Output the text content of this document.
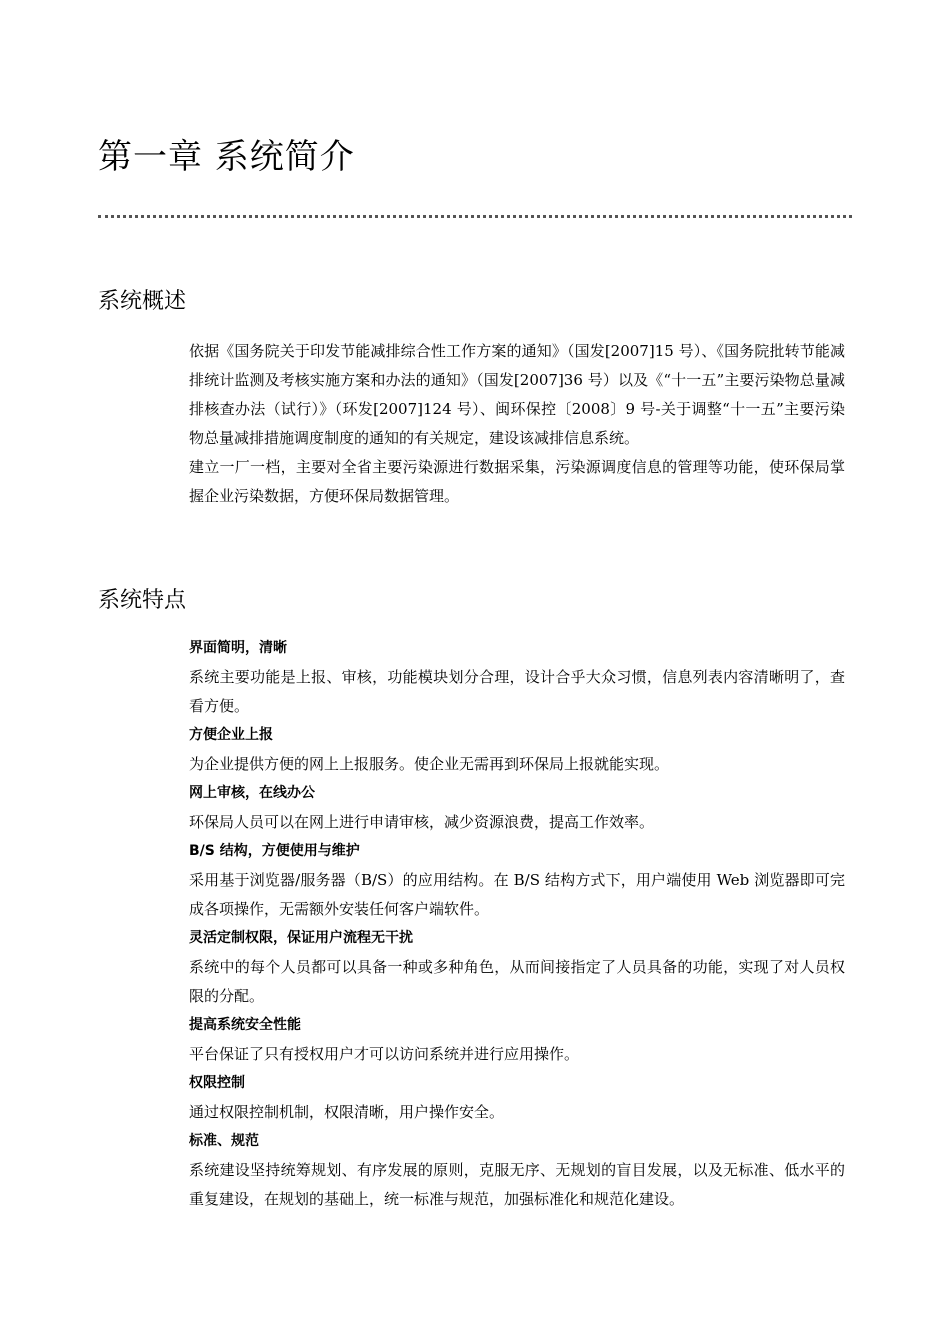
第一章 系统简介
系统概述

依据《国务院关于印发节能减排综合性工作方案的通知》（国发[2007]15 号）、《国务院批转节能减排统计监测及考核实施方案和办法的通知》（国发[2007]36 号）以及《“十一五”主要污染物总量减排核查办法（试行）》（环发[2007]124 号）、闽环保控〔2008〕9 号-关于调整“十一五”主要污染物总量减排措施调度制度的通知的有关规定，建设该减排信息系统。

建立一厂一档，主要对全省主要污染源进行数据采集，污染源调度信息的管理等功能，使环保局掌握企业污染数据，方便环保局数据管理。

系统特点

界面简明，清晰

系统主要功能是上报、审核，功能模块划分合理，设计合乎大众习惯，信息列表内容清晰明了，查看方便。

方便企业上报

为企业提供方便的网上上报服务。使企业无需再到环保局上报就能实现。

网上审核，在线办公

环保局人员可以在网上进行申请审核，减少资源浪费，提高工作效率。

B/S 结构，方便使用与维护

采用基于浏览器/服务器（B/S）的应用结构。在 B/S 结构方式下，用户端使用 Web 浏览器即可完成各项操作，无需额外安装任何客户端软件。

灵活定制权限，保证用户流程无干扰

系统中的每个人员都可以具备一种或多种角色，从而间接指定了人员具备的功能，实现了对人员权限的分配。

提高系统安全性能

平台保证了只有授权用户才可以访问系统并进行应用操作。

权限控制

通过权限控制机制，权限清晰，用户操作安全。

标准、规范

系统建设坚持统筹规划、有序发展的原则，克服无序、无规划的盲目发展，以及无标准、低水平的重复建设，在规划的基础上，统一标准与规范，加强标准化和规范化建设。
